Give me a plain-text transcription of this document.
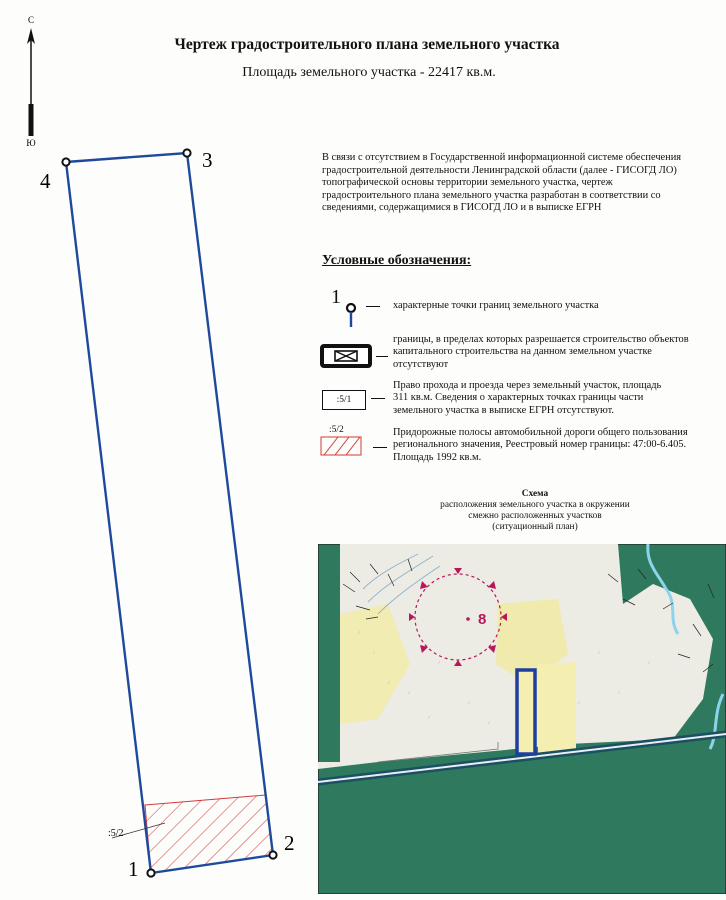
Чертеж градостроительного плана земельного участка
Площадь земельного участка - 22417 кв.м.
С
Ю
:5/2
1
2
3
4
В связи с отсутствием в Государственной информационной системе обеспечения
градостроительной деятельности Ленинградской области (далее - ГИСОГД ЛО)
топографической основы территории земельного участка, чертеж
градостроительного плана земельного участка разработан в соответствии со
сведениями, содержащимися в ГИСОГД ЛО и в выписке ЕГРН
Условные обозначения:
1	характерные точки границ земельного участка
границы, в пределах которых разрешается строительство объектов
капитального строительства на данном земельном участке
отсутствуют
:5/1
Право прохода и проезда через земельный участок, площадь
311 кв.м. Сведения о характерных точках границы части
земельного участка в выписке ЕГРН отсутствуют.
:5/2	Придорожные полосы автомобильной дороги общего пользования
регионального значения, Реестровый номер границы: 47:00-6.405.
Площадь 1992 кв.м.
Схема
расположения земельного участка в окружении
смежно расположенных участков
(ситуационный план)
8
